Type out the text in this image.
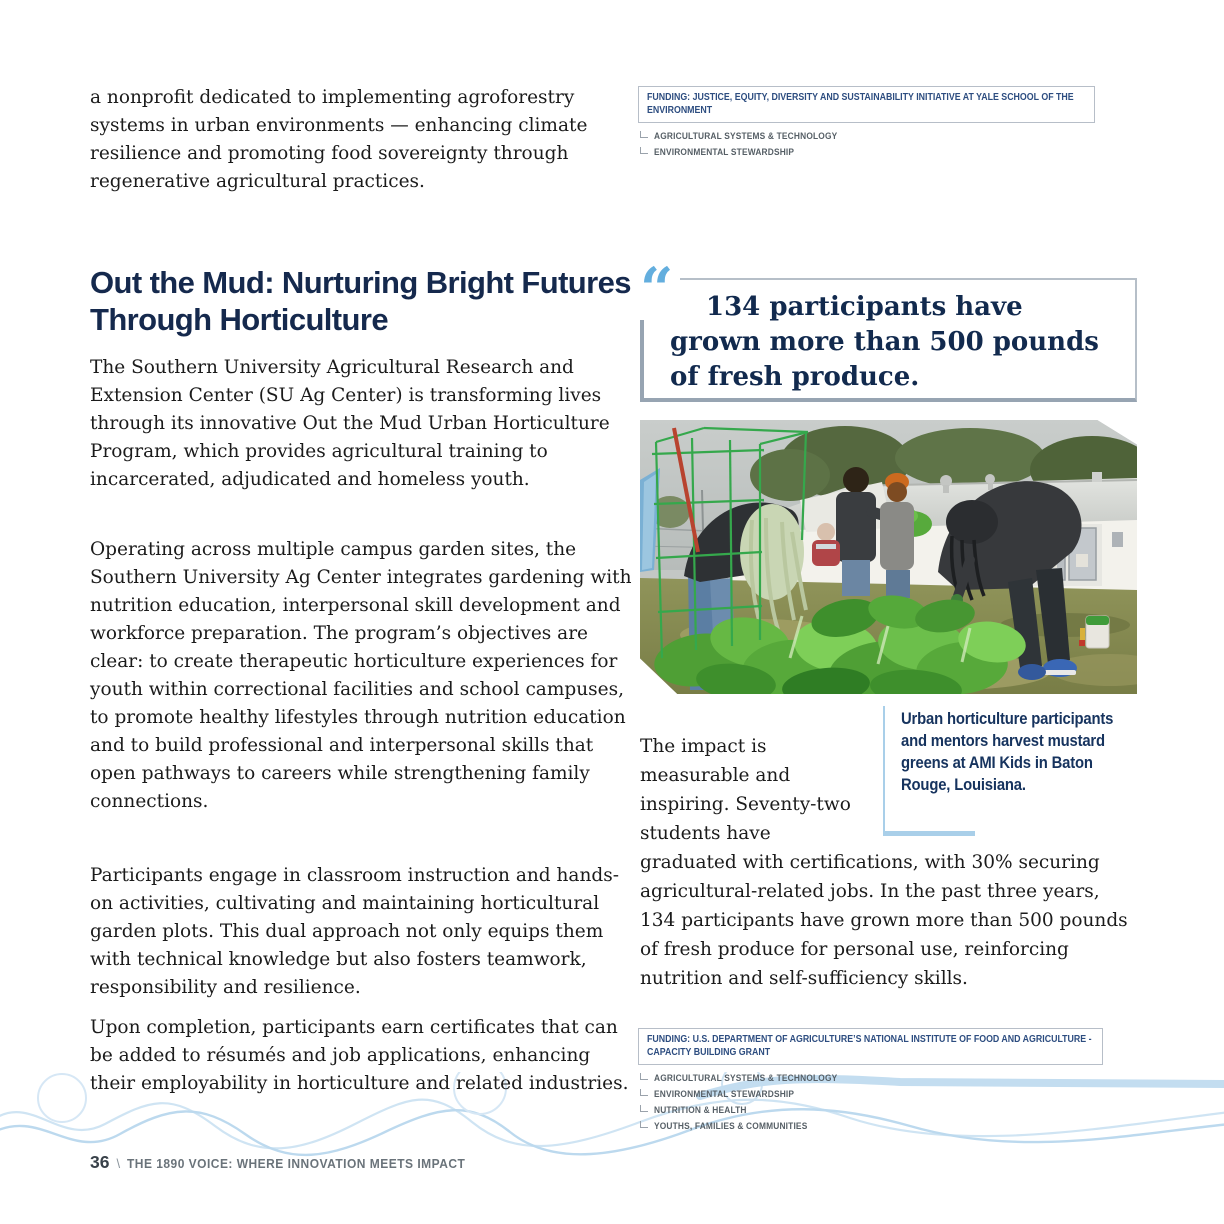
a nonprofit dedicated to implementing agroforestry systems in urban environments — enhancing climate resilience and promoting food sovereignty through regenerative agricultural practices.

Out the Mud: Nurturing Bright Futures Through Horticulture

The Southern University Agricultural Research and Extension Center (SU Ag Center) is transforming lives through its innovative Out the Mud Urban Horticulture Program, which provides agricultural training to incarcerated, adjudicated and homeless youth.

Operating across multiple campus garden sites, the Southern University Ag Center integrates gardening with nutrition education, interpersonal skill development and workforce preparation. The program’s objectives are clear: to create therapeutic horticulture experiences for youth within correctional facilities and school campuses, to promote healthy lifestyles through nutrition education and to build professional and interpersonal skills that open pathways to careers while strengthening family connections.

Participants engage in classroom instruction and hands-on activities, cultivating and maintaining horticultural garden plots. This dual approach not only equips them with technical knowledge but also fosters teamwork, responsibility and resilience.

Upon completion, participants earn certificates that can be added to résumés and job applications, enhancing their employability in horticulture and related industries.

FUNDING: JUSTICE, EQUITY, DIVERSITY AND SUSTAINABILITY INITIATIVE AT YALE SCHOOL OF THE ENVIRONMENT

AGRICULTURAL SYSTEMS & TECHNOLOGY
ENVIRONMENTAL STEWARDSHIP
“	134 participants have grown more than 500 pounds of fresh produce.

Urban horticulture participants and mentors harvest mustard greens at AMI Kids in Baton Rouge, Louisiana.

The impact is measurable and inspiring. Seventy-two students have graduated with certifications, with 30% securing agricultural-related jobs. In the past three years, 134 participants have grown more than 500 pounds of fresh produce for personal use, reinforcing nutrition and self-sufficiency skills.

FUNDING: U.S. DEPARTMENT OF AGRICULTURE’S NATIONAL INSTITUTE OF FOOD AND AGRICULTURE - CAPACITY BUILDING GRANT

AGRICULTURAL SYSTEMS & TECHNOLOGY
ENVIRONMENTAL STEWARDSHIP
NUTRITION & HEALTH
YOUTHS, FAMILIES & COMMUNITIES
36 \ THE 1890 VOICE: WHERE INNOVATION MEETS IMPACT
